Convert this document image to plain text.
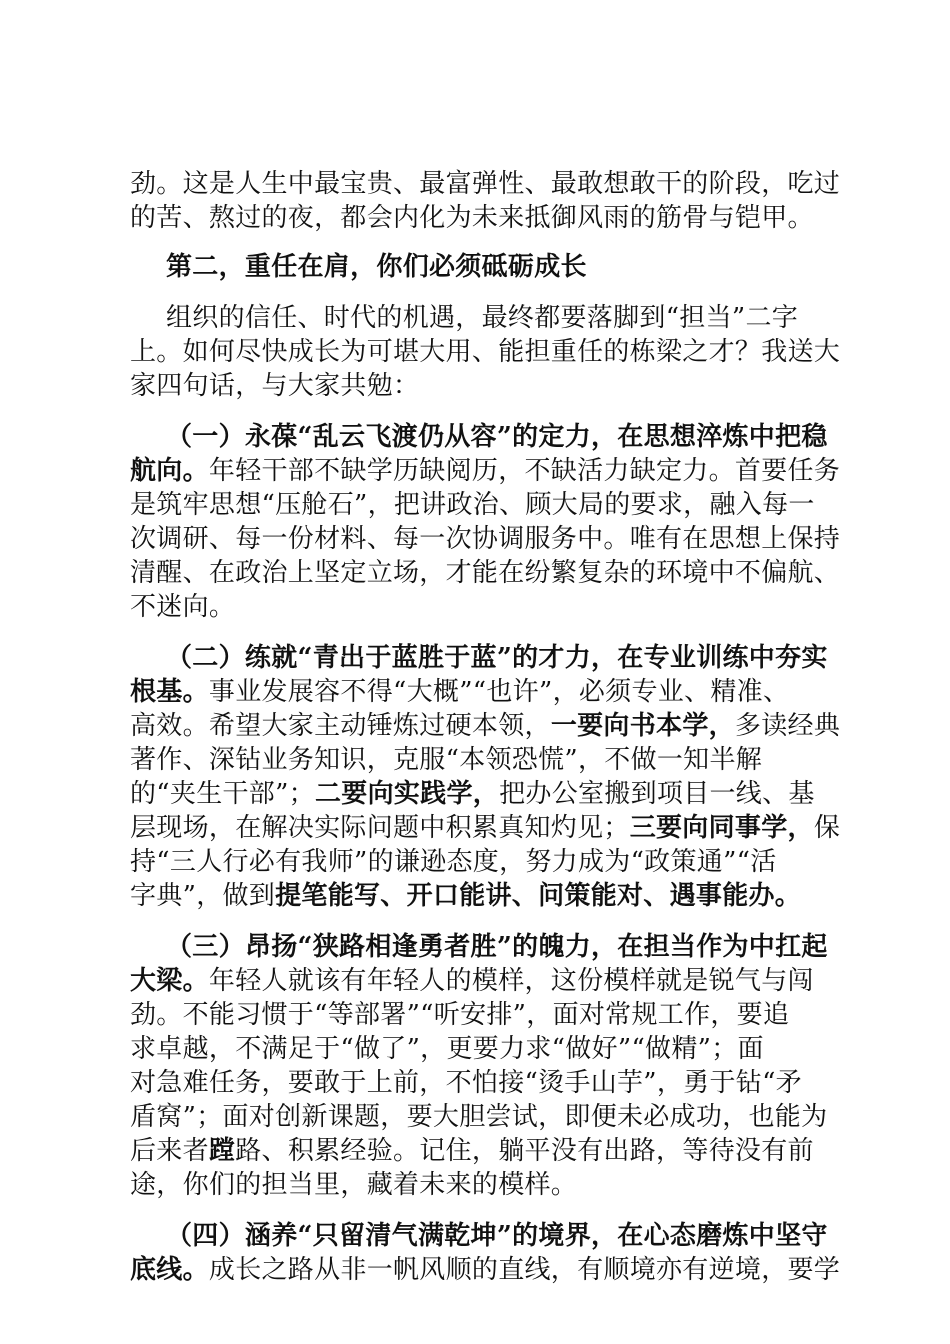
劲。这是人生中最宝贵、最富弹性、最敢想敢干的阶段，吃过
的苦、熬过的夜，都会内化为未来抵御风雨的筋骨与铠甲。
第二，重任在肩，你们必须砥砺成长
组织的信任、时代的机遇，最终都要落脚到“担当”二字
上。如何尽快成长为可堪大用、能担重任的栋梁之才？我送大
家四句话，与大家共勉：
（一）永葆“乱云飞渡仍从容”的定力，在思想淬炼中把稳
航向。年轻干部不缺学历缺阅历，不缺活力缺定力。首要任务
是筑牢思想“压舱石”，把讲政治、顾大局的要求，融入每一
次调研、每一份材料、每一次协调服务中。唯有在思想上保持
清醒、在政治上坚定立场，才能在纷繁复杂的环境中不偏航、
不迷向。
（二）练就“青出于蓝胜于蓝”的才力，在专业训练中夯实
根基。事业发展容不得“大概”“也许”，必须专业、精准、
高效。希望大家主动锤炼过硬本领，一要向书本学，多读经典
著作、深钻业务知识，克服“本领恐慌”，不做一知半解
的“夹生干部”；二要向实践学，把办公室搬到项目一线、基
层现场，在解决实际问题中积累真知灼见；三要向同事学，保
持“三人行必有我师”的谦逊态度，努力成为“政策通”“活
字典”，做到提笔能写、开口能讲、问策能对、遇事能办。
（三）昂扬“狭路相逢勇者胜”的魄力，在担当作为中扛起
大梁。年轻人就该有年轻人的模样，这份模样就是锐气与闯
劲。不能习惯于“等部署”“听安排”，面对常规工作，要追
求卓越，不满足于“做了”，更要力求“做好”“做精”；面
对急难任务，要敢于上前，不怕接“烫手山芋”，勇于钻“矛
盾窝”；面对创新课题，要大胆尝试，即便未必成功，也能为
后来者蹚路、积累经验。记住，躺平没有出路，等待没有前
途，你们的担当里，藏着未来的模样。
（四）涵养“只留清气满乾坤”的境界，在心态磨炼中坚守
底线。成长之路从非一帆风顺的直线，有顺境亦有逆境，要学
